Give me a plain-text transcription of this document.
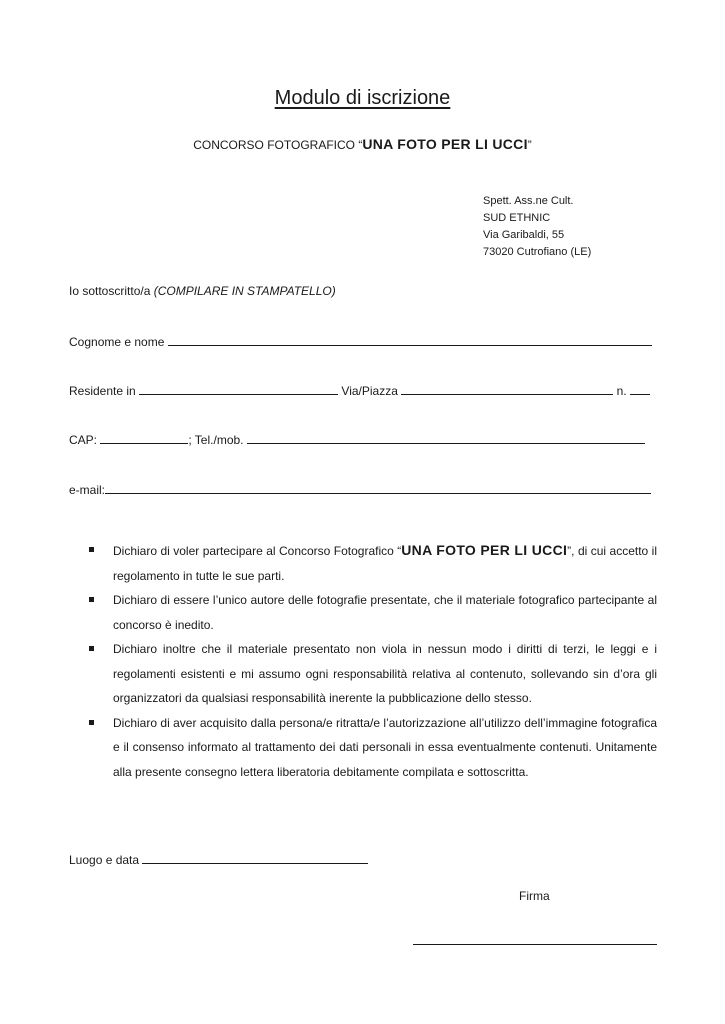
Modulo di iscrizione
CONCORSO FOTOGRAFICO “UNA FOTO PER LI UCCI”
Spett. Ass.ne Cult.
SUD ETHNIC
Via Garibaldi, 55
73020 Cutrofiano (LE)
Io sottoscritto/a (COMPILARE IN STAMPATELLO)
Cognome e nome
Residente in	Via/Piazza	n.
CAP:	; Tel./mob.
e-mail:
Dichiaro di voler partecipare al Concorso Fotografico “UNA FOTO PER LI UCCI”, di cui accetto il regolamento in tutte le sue parti.
Dichiaro di essere l’unico autore delle fotografie presentate, che il materiale fotografico partecipante al concorso è inedito.
Dichiaro inoltre che il materiale presentato non viola in nessun modo i diritti di terzi, le leggi e i regolamenti esistenti e mi assumo ogni responsabilità relativa al contenuto, sollevando sin d’ora gli organizzatori da qualsiasi responsabilità inerente la pubblicazione dello stesso.
Dichiaro di aver acquisito dalla persona/e ritratta/e l’autorizzazione all’utilizzo dell’immagine fotografica e il consenso informato al trattamento dei dati personali in essa eventualmente contenuti. Unitamente alla presente consegno lettera liberatoria debitamente compilata e sottoscritta.
Luogo e data
Firma
